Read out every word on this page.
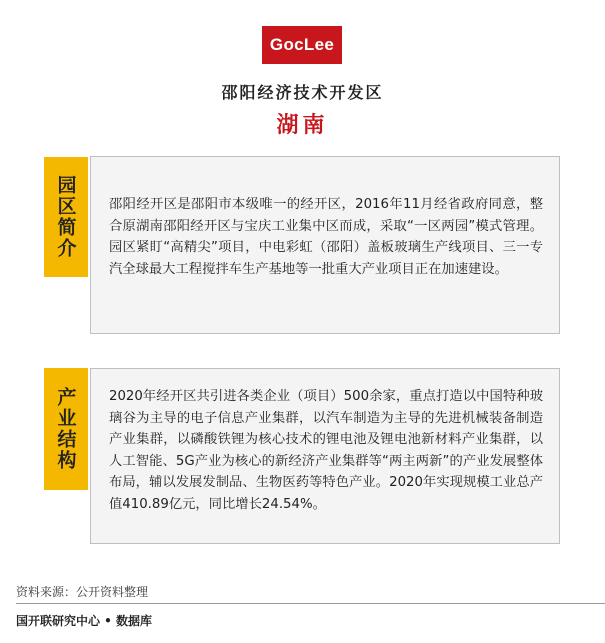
GocLee
邵阳经济技术开发区
湖南
邵阳经开区是邵阳市本级唯一的经开区，2016年11月经省政府同意，整合原湖南邵阳经开区与宝庆工业集中区而成，采取“一区两园”模式管理。园区紧盯“高精尖”项目，中电彩虹（邵阳）盖板玻璃生产线项目、三一专汽全球最大工程搅拌车生产基地等一批重大产业项目正在加速建设。
园区简介
2020年经开区共引进各类企业（项目）500余家，重点打造以中国特种玻璃谷为主导的电子信息产业集群，以汽车制造为主导的先进机械装备制造产业集群，以磷酸铁锂为核心技术的锂电池及锂电池新材料产业集群，以人工智能、5G产业为核心的新经济产业集群等“两主两新”的产业发展整体布局，辅以发展发制品、生物医药等特色产业。2020年实现规模工业总产值410.89亿元，同比增长24.54%。
产业结构
资料来源：公开资料整理
国开联研究中心 • 数据库
